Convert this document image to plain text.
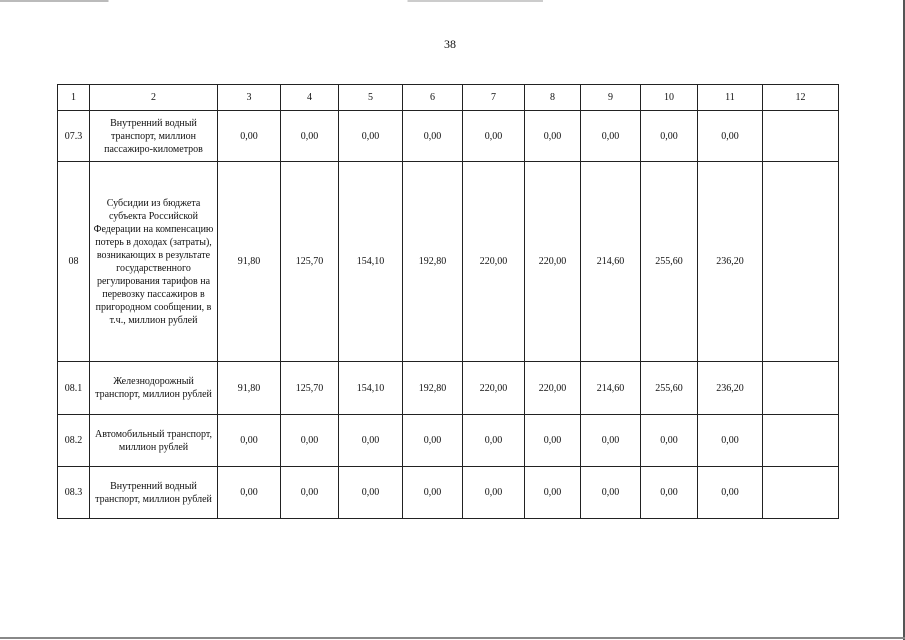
38
1	2	3	4	5	6	7	8	9	10	11	12
07.3	Внутренний водный транспорт, миллион пассажиро-километров	0,00	0,00	0,00	0,00	0,00	0,00	0,00	0,00	0,00	
08	Субсидии из бюджета субъекта Российской Федерации на компенсацию потерь в доходах (затраты), возникающих в результате государственного регулирования тарифов на перевозку пассажиров в пригородном сообщении, в т.ч., миллион рублей	91,80	125,70	154,10	192,80	220,00	220,00	214,60	255,60	236,20	
08.1	Железнодорожный транспорт, миллион рублей	91,80	125,70	154,10	192,80	220,00	220,00	214,60	255,60	236,20	
08.2	Автомобильный транспорт, миллион рублей	0,00	0,00	0,00	0,00	0,00	0,00	0,00	0,00	0,00	
08.3	Внутренний водный транспорт, миллион рублей	0,00	0,00	0,00	0,00	0,00	0,00	0,00	0,00	0,00	
